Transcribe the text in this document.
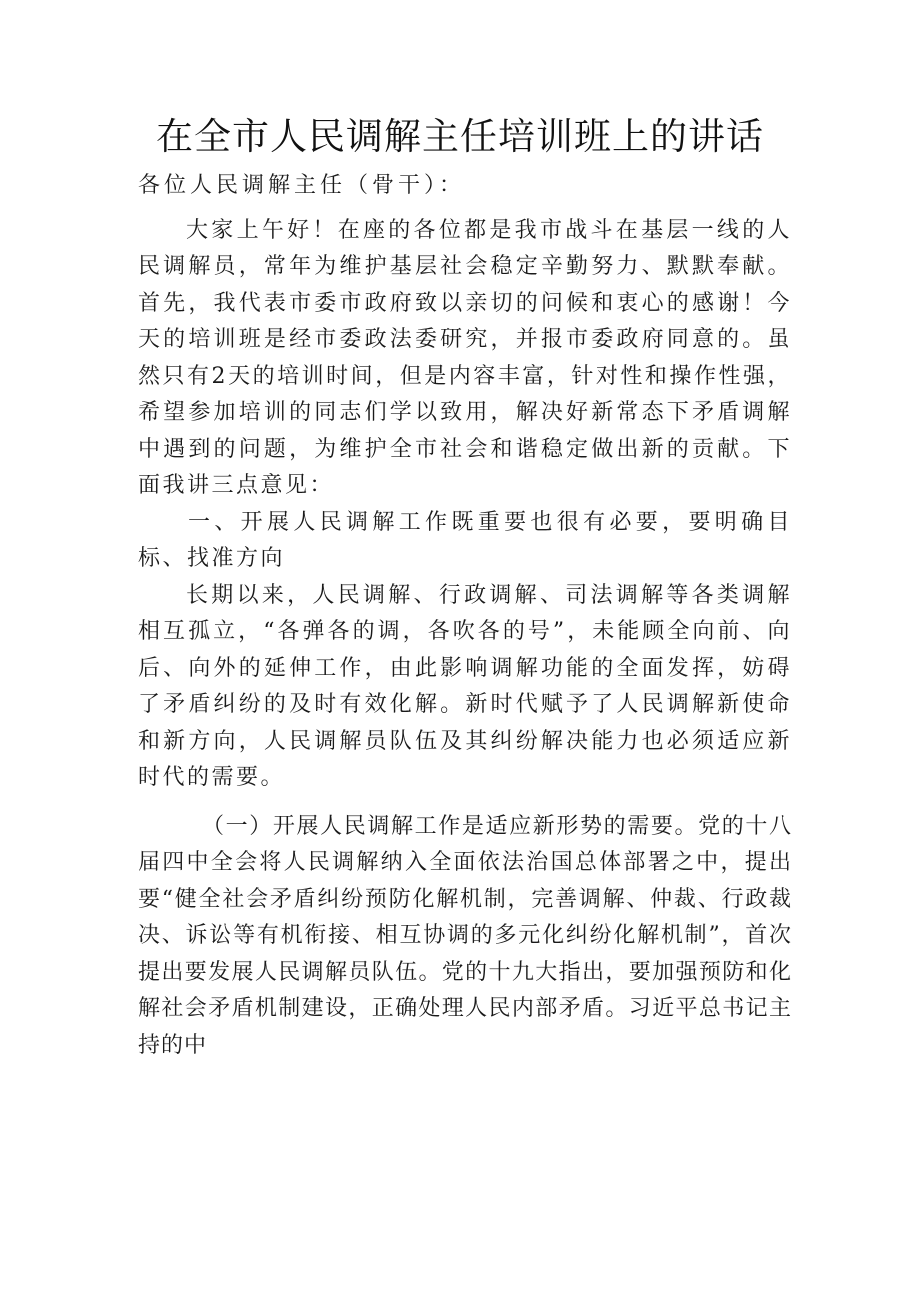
在全市人民调解主任培训班上的讲话

各位人民调解主任（骨干）：

大家上午好！在座的各位都是我市战斗在基层一线的人民调解员，常年为维护基层社会稳定辛勤努力、默默奉献。首先，我代表市委市政府致以亲切的问候和衷心的感谢！今天的培训班是经市委政法委研究，并报市委政府同意的。虽然只有2天的培训时间，但是内容丰富，针对性和操作性强，希望参加培训的同志们学以致用，解决好新常态下矛盾调解中遇到的问题，为维护全市社会和谐稳定做出新的贡献。下面我讲三点意见：

一、开展人民调解工作既重要也很有必要，要明确目标、找准方向

长期以来，人民调解、行政调解、司法调解等各类调解相互孤立，“各弹各的调，各吹各的号”，未能顾全向前、向后、向外的延伸工作，由此影响调解功能的全面发挥，妨碍了矛盾纠纷的及时有效化解。新时代赋予了人民调解新使命和新方向，人民调解员队伍及其纠纷解决能力也必须适应新时代的需要。

（一）开展人民调解工作是适应新形势的需要。党的十八届四中全会将人民调解纳入全面依法治国总体部署之中，提出要“健全社会矛盾纠纷预防化解机制，完善调解、仲裁、行政裁决、诉讼等有机衔接、相互协调的多元化纠纷化解机制”，首次提出要发展人民调解员队伍。党的十九大指出，要加强预防和化解社会矛盾机制建设，正确处理人民内部矛盾。习近平总书记主持的中
